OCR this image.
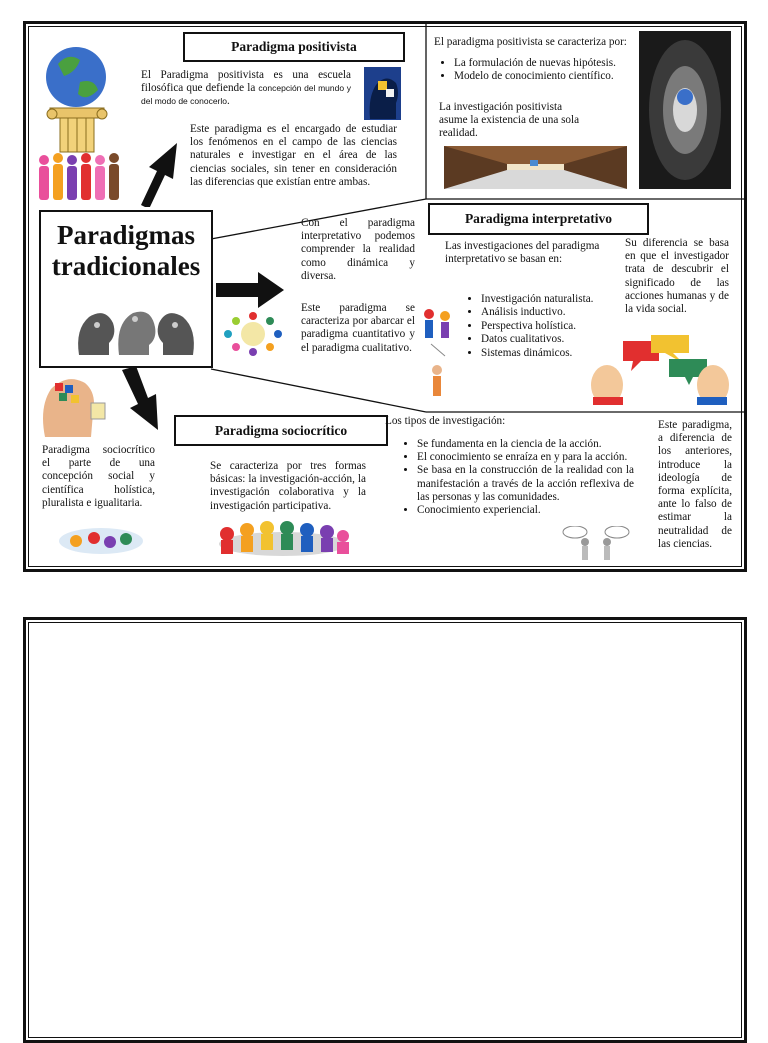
Paradigma positivista
El Paradigma positivista es una escuela filosófica que defiende la concepción del mundo y del modo de conocerlo.
Este paradigma es el encargado de estudiar los fenómenos en el campo de las ciencias naturales e investigar en el área de las ciencias sociales, sin tener en consideración las diferencias que existían entre ambas.
El paradigma positivista se caracteriza por:
• La formulación de nuevas hipótesis.
• Modelo de conocimiento científico.
La investigación positivista asume la existencia de una sola realidad.
Paradigmas
tradicionales
Con el paradigma interpretativo podemos comprender la realidad como dinámica y diversa.
Este paradigma se caracteriza por abarcar el paradigma cuantitativo y el paradigma cualitativo.
Paradigma interpretativo
Las investigaciones del paradigma interpretativo se basan en:
• Investigación naturalista.
• Análisis inductivo.
• Perspectiva holística.
• Datos cualitativos.
• Sistemas dinámicos.
Su diferencia se basa en que el investigador trata de descubrir el significado de las acciones humanas y de la vida social.
Paradigma sociocrítico
Paradigma sociocrítico el parte de una concepción social y científica holística, pluralista e igualitaria.
Se caracteriza por tres formas básicas: la investigación-acción, la investigación colaborativa y la investigación participativa.
Los tipos de investigación:
• Se fundamenta en la ciencia de la acción.
• El conocimiento se enraíza en y para la acción.
• Se basa en la construcción de la realidad con la manifestación a través de la acción reflexiva de las personas y las comunidades.
• Conocimiento experiencial.
Este paradigma, a diferencia de los anteriores, introduce la ideología de forma explícita, ante lo falso de estimar la neutralidad de las ciencias.
